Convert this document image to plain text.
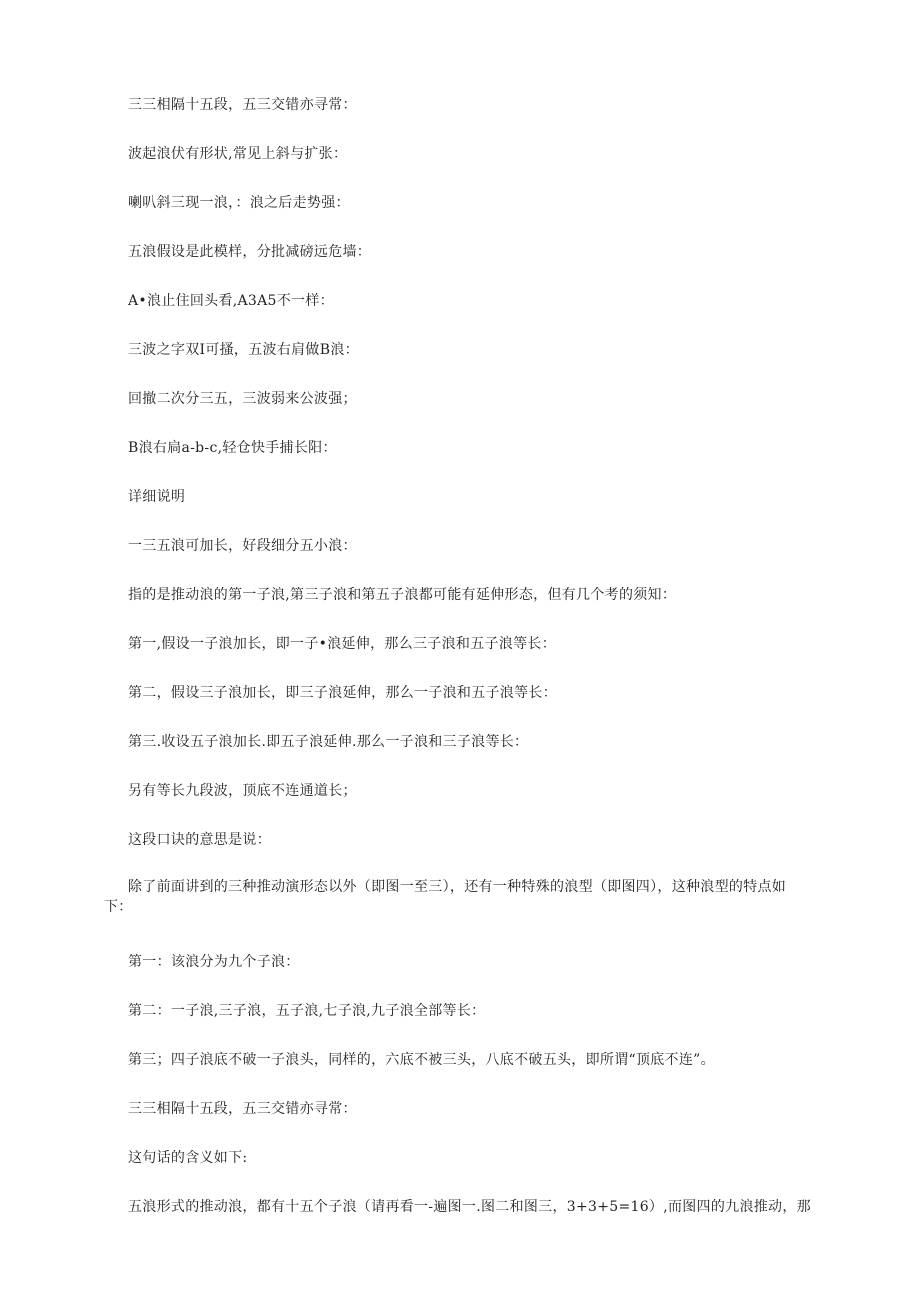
三三相隔十五段，五三交错亦寻常：
波起浪伏有形状,常见上斜与扩张：
喇叭斜三现一浪，：浪之后走势强：
五浪假设是此模样，分批减磅远危墙：
A•浪止住回头看,A3A5不一样：
三波之字双I可搔，五波右肩做B浪：
回撤二次分三五，三波弱来公波强；
B浪右扃a-b-c,轻仓快手捕长阳：
详细说明
一三五浪可加长，好段细分五小浪：
指的是推动浪的第一子浪,第三子浪和第五子浪都可能有延伸形态，但有几个考的须知：
第一,假设一子浪加长，即一子•浪延伸，那么三子浪和五子浪等长：
第二，假设三子浪加长，即三子浪延伸，那么一子浪和五子浪等长：
第三.收设五子浪加长.即五子浪延伸.那么一子浪和三子浪等长：
另有等长九段波，顶底不连通道长；
这段口诀的意思是说：
除了前面讲到的三种推动演形态以外（即图一至三），还有一种特殊的浪型（即图四），这种浪型的特点如
下：
第一：该浪分为九个子浪：
第二：一子浪,三子浪，五子浪,七子浪,九子浪全部等长：
第三；四子浪底不破一子浪头，同样的，六底不被三头，八底不破五头，即所谓“顶底不连”。
三三相隔十五段，五三交错亦寻常：
这句话的含义如下:
五浪形式的推动浪，都有十五个子浪（请再看一-遍图一.图二和图三，3+3+5=16）,而图四的九浪推动，那
